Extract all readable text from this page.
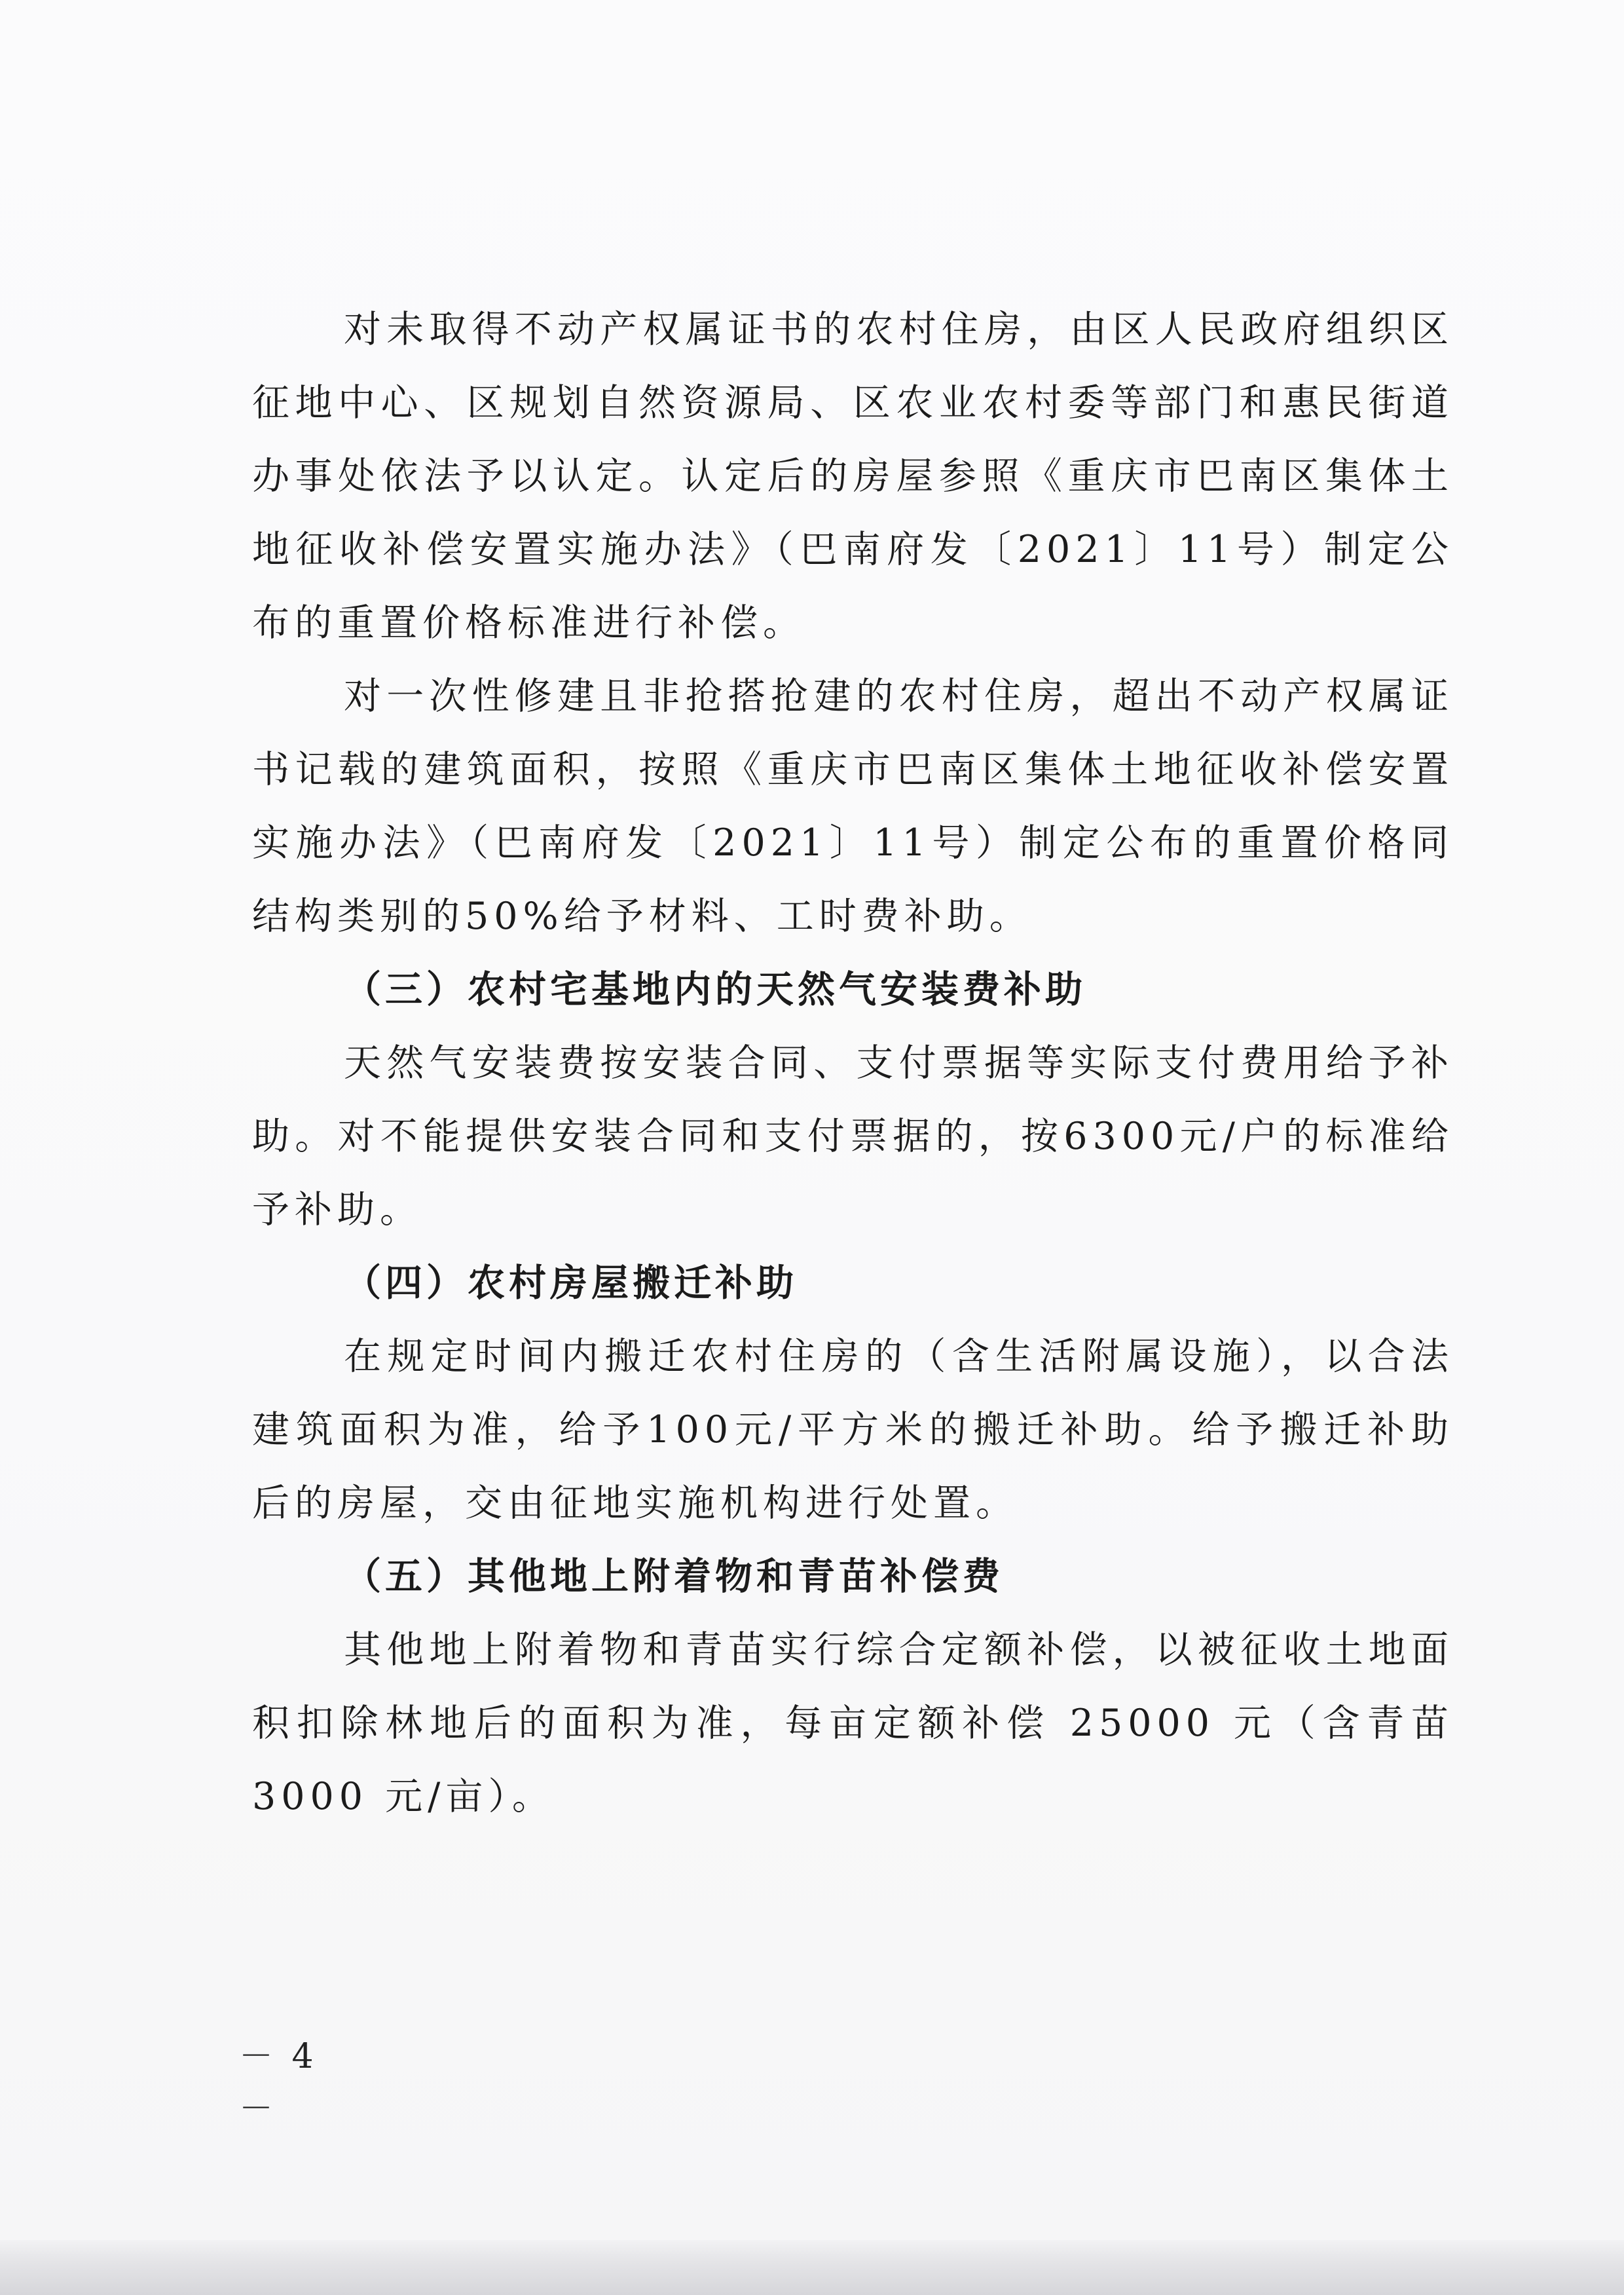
对未取得不动产权属证书的农村住房，由区人民政府组织区征地中心、区规划自然资源局、区农业农村委等部门和惠民街道办事处依法予以认定。认定后的房屋参照《重庆市巴南区集体土地征收补偿安置实施办法》（巴南府发〔2021〕11号）制定公布的重置价格标准进行补偿。

对一次性修建且非抢搭抢建的农村住房，超出不动产权属证书记载的建筑面积，按照《重庆市巴南区集体土地征收补偿安置实施办法》（巴南府发〔2021〕11号）制定公布的重置价格同结构类别的50%给予材料、工时费补助。

（三）农村宅基地内的天然气安装费补助

天然气安装费按安装合同、支付票据等实际支付费用给予补助。对不能提供安装合同和支付票据的，按6300元/户的标准给予补助。

（四）农村房屋搬迁补助

在规定时间内搬迁农村住房的（含生活附属设施），以合法建筑面积为准，给予100元/平方米的搬迁补助。给予搬迁补助后的房屋，交由征地实施机构进行处置。

（五）其他地上附着物和青苗补偿费

其他地上附着物和青苗实行综合定额补偿，以被征收土地面积扣除林地后的面积为准，每亩定额补偿 25000 元（含青苗3000 元/亩）。

－ 4 －
